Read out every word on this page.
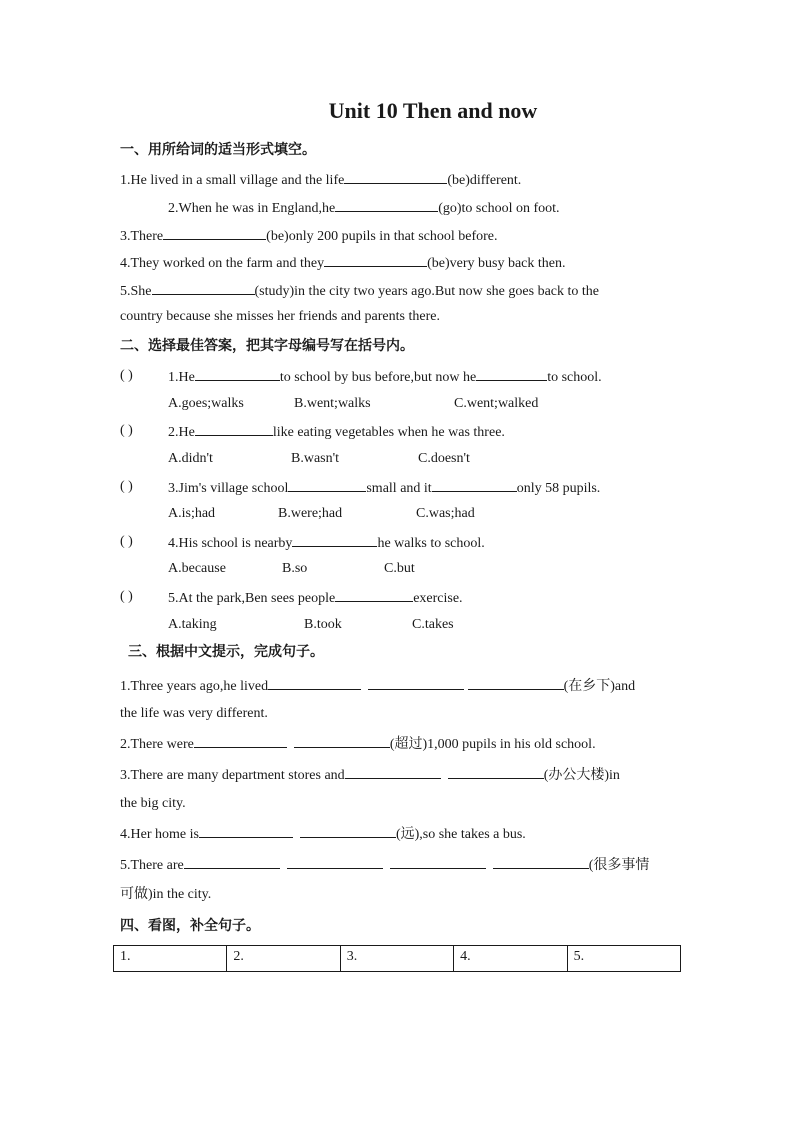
Unit 10 Then and now
一、用所给词的适当形式填空。
1.He lived in a small village and the life	(be)different.
2.When he was in England,he	(go)to school on foot.
3.There	(be)only 200 pupils in that school before.
4.They worked on the farm and they	(be)very busy back then.
5.She	(study)in the city two years ago.But now she goes back to the
country because she misses her friends and parents there.
二、选择最佳答案，把其字母编号写在括号内。
( )	1.He	to school by bus before,but now he	to school.
A.goes;walks	B.went;walks	C.went;walked
( )	2.He	like eating vegetables when he was three.
A.didn't	B.wasn't	C.doesn't
( )	3.Jim's village school	small and it	only 58 pupils.
A.is;had	B.were;had	C.was;had
( )	4.His school is nearby	he walks to school.
A.because	B.so	C.but
( )	5.At the park,Ben sees people	exercise.
A.taking	B.took	C.takes
三、根据中文提示，完成句子。
1.Three years ago,he lived	(在乡下)and
the life was very different.
2.There were	(超过)1,000 pupils in his old school.
3.There are many department stores and	(办公大楼)in
the big city.
4.Her home is	(远),so she takes a bus.
5.There are	(很多事情
可做)in the city.
四、看图，补全句子。
1.	2.	3.	4.	5.
